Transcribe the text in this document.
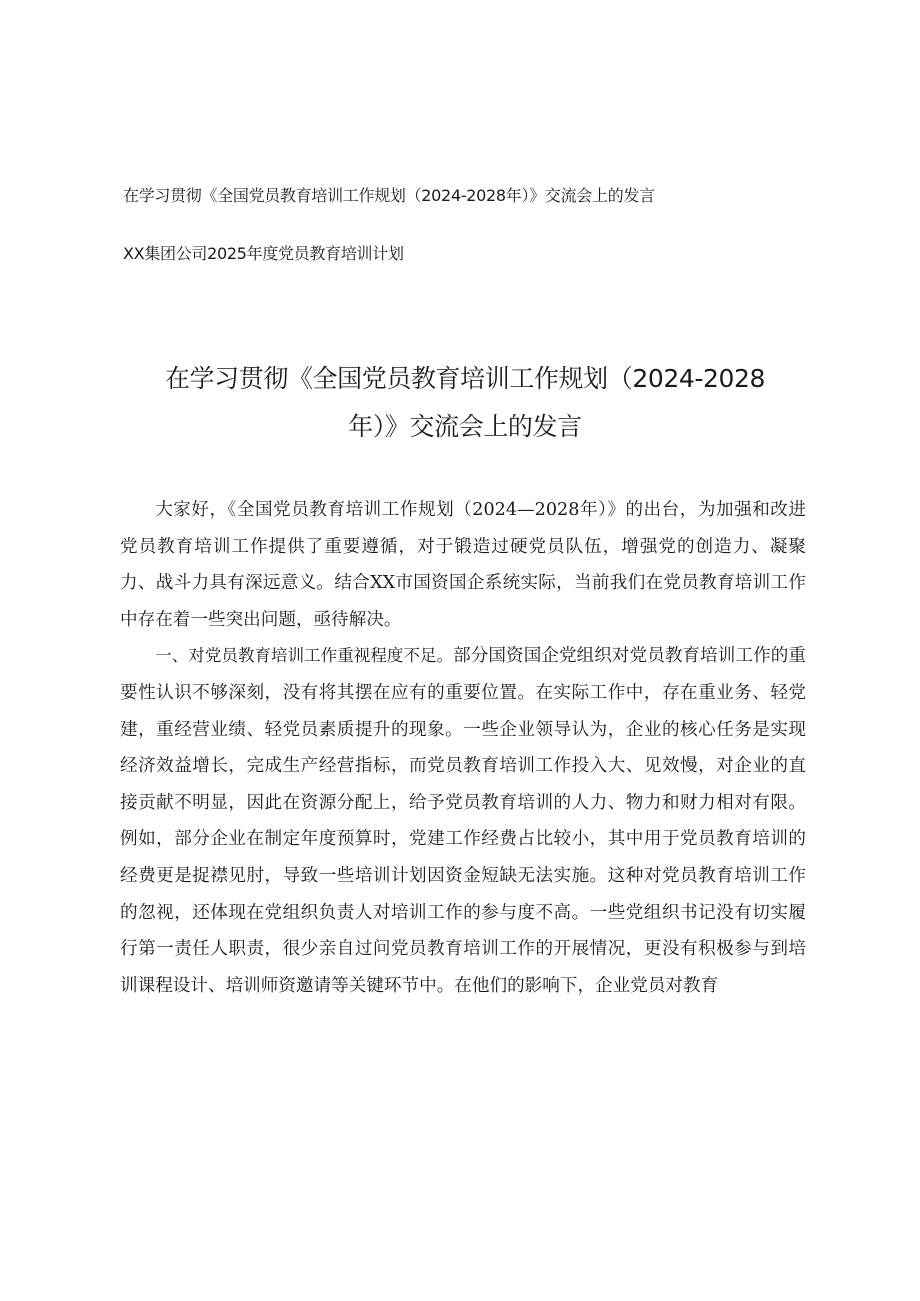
在学习贯彻《全国党员教育培训工作规划（2024-2028年）》交流会上的发言
XX集团公司2025年度党员教育培训计划
在学习贯彻《全国党员教育培训工作规划（2024-2028
年）》交流会上的发言

大家好，《全国党员教育培训工作规划（2024—2028年）》的出台，为加强和改进党员教育培训工作提供了重要遵循，对于锻造过硬党员队伍，增强党的创造力、凝聚力、战斗力具有深远意义。结合XX市国资国企系统实际，当前我们在党员教育培训工作中存在着一些突出问题，亟待解决。

一、对党员教育培训工作重视程度不足。部分国资国企党组织对党员教育培训工作的重要性认识不够深刻，没有将其摆在应有的重要位置。在实际工作中，存在重业务、轻党建，重经营业绩、轻党员素质提升的现象。一些企业领导认为，企业的核心任务是实现经济效益增长，完成生产经营指标，而党员教育培训工作投入大、见效慢，对企业的直接贡献不明显，因此在资源分配上，给予党员教育培训的人力、物力和财力相对有限。例如，部分企业在制定年度预算时，党建工作经费占比较小，其中用于党员教育培训的经费更是捉襟见肘，导致一些培训计划因资金短缺无法实施。这种对党员教育培训工作的忽视，还体现在党组织负责人对培训工作的参与度不高。一些党组织书记没有切实履行第一责任人职责，很少亲自过问党员教育培训工作的开展情况，更没有积极参与到培训课程设计、培训师资邀请等关键环节中。在他们的影响下，企业党员对教育
